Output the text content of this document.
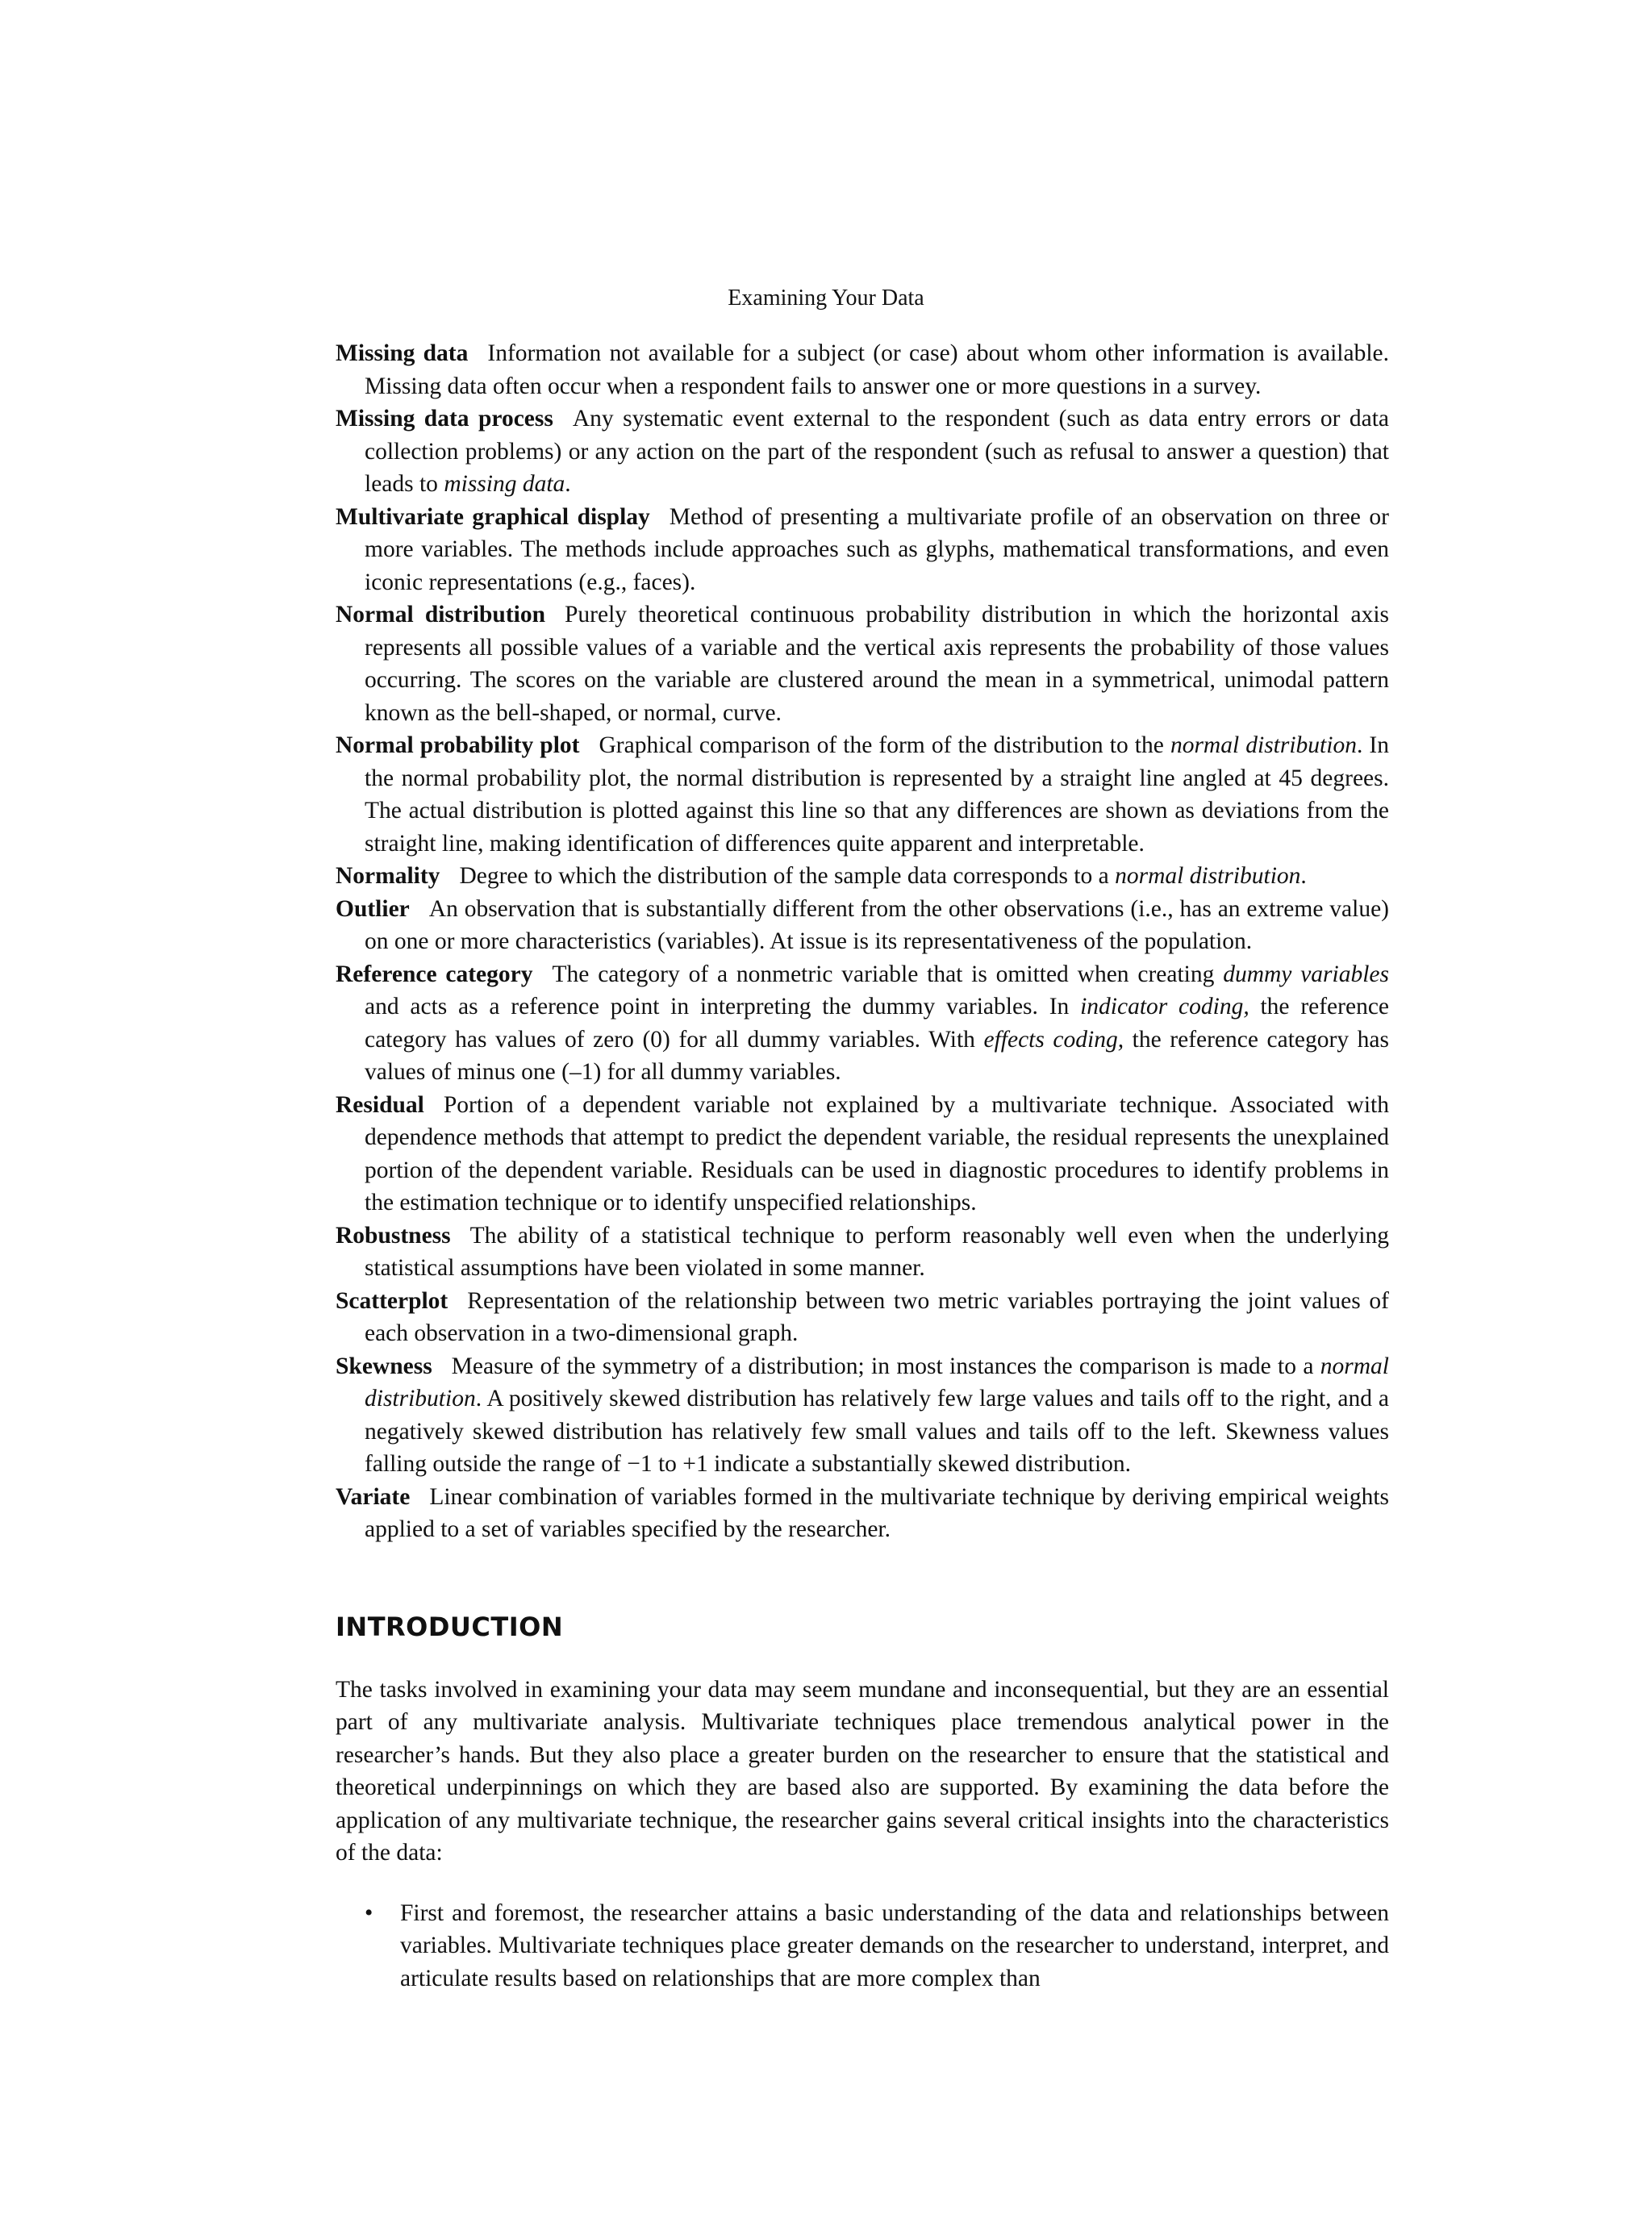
Examining Your Data

Missing data Information not available for a subject (or case) about whom other information is available. Missing data often occur when a respondent fails to answer one or more questions in a survey.

Missing data process Any systematic event external to the respondent (such as data entry errors or data collection problems) or any action on the part of the respondent (such as refusal to answer a question) that leads to missing data.

Multivariate graphical display Method of presenting a multivariate profile of an observation on three or more variables. The methods include approaches such as glyphs, mathematical transformations, and even iconic representations (e.g., faces).

Normal distribution Purely theoretical continuous probability distribution in which the horizontal axis represents all possible values of a variable and the vertical axis represents the probability of those values occurring. The scores on the variable are clustered around the mean in a symmetrical, unimodal pattern known as the bell-shaped, or normal, curve.

Normal probability plot Graphical comparison of the form of the distribution to the normal distribution. In the normal probability plot, the normal distribution is represented by a straight line angled at 45 degrees. The actual distribution is plotted against this line so that any differences are shown as deviations from the straight line, making identification of differences quite apparent and interpretable.

Normality Degree to which the distribution of the sample data corresponds to a normal distribution.

Outlier An observation that is substantially different from the other observations (i.e., has an extreme value) on one or more characteristics (variables). At issue is its representativeness of the population.

Reference category The category of a nonmetric variable that is omitted when creating dummy variables and acts as a reference point in interpreting the dummy variables. In indicator coding, the reference category has values of zero (0) for all dummy variables. With effects coding, the reference category has values of minus one (–1) for all dummy variables.

Residual Portion of a dependent variable not explained by a multivariate technique. Associated with dependence methods that attempt to predict the dependent variable, the residual represents the unexplained portion of the dependent variable. Residuals can be used in diagnostic procedures to identify problems in the estimation technique or to identify unspecified relationships.

Robustness The ability of a statistical technique to perform reasonably well even when the underlying statistical assumptions have been violated in some manner.

Scatterplot Representation of the relationship between two metric variables portraying the joint values of each observation in a two-dimensional graph.

Skewness Measure of the symmetry of a distribution; in most instances the comparison is made to a normal distribution. A positively skewed distribution has relatively few large values and tails off to the right, and a negatively skewed distribution has relatively few small values and tails off to the left. Skewness values falling outside the range of −1 to +1 indicate a substantially skewed distribution.

Variate Linear combination of variables formed in the multivariate technique by deriving empirical weights applied to a set of variables specified by the researcher.

INTRODUCTION

The tasks involved in examining your data may seem mundane and inconsequential, but they are an essential part of any multivariate analysis. Multivariate techniques place tremendous analytical power in the researcher’s hands. But they also place a greater burden on the researcher to ensure that the statistical and theoretical underpinnings on which they are based also are supported. By examining the data before the application of any multivariate technique, the researcher gains several critical insights into the characteristics of the data:

• First and foremost, the researcher attains a basic understanding of the data and relationships between variables. Multivariate techniques place greater demands on the researcher to understand, interpret, and articulate results based on relationships that are more complex than
